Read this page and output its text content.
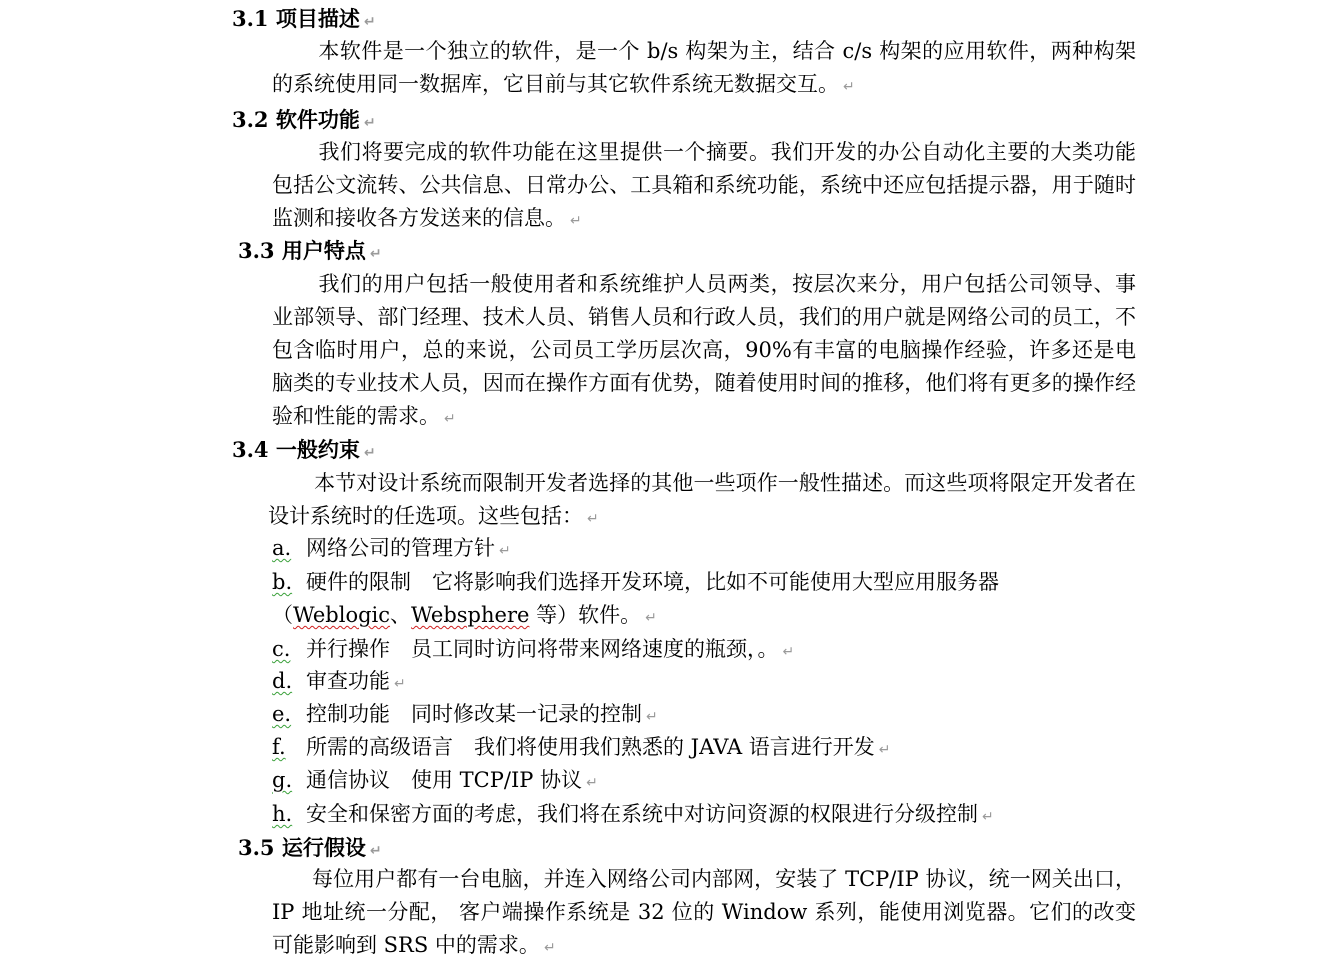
3.1 项目描述 ↵
本软件是一个独立的软件，是一个 b/s 构架为主，结合 c/s 构架的应用软件，两种构架的系统使用同一数据库，它目前与其它软件系统无数据交互。 ↵
3.2 软件功能 ↵
我们将要完成的软件功能在这里提供一个摘要。我们开发的办公自动化主要的大类功能包括公文流转、公共信息、日常办公、工具箱和系统功能，系统中还应包括提示器，用于随时监测和接收各方发送来的信息。 ↵
3.3 用户特点 ↵
我们的用户包括一般使用者和系统维护人员两类，按层次来分，用户包括公司领导、事业部领导、部门经理、技术人员、销售人员和行政人员，我们的用户就是网络公司的员工，不包含临时用户，总的来说，公司员工学历层次高，90%有丰富的电脑操作经验，许多还是电脑类的专业技术人员，因而在操作方面有优势，随着使用时间的推移，他们将有更多的操作经验和性能的需求。 ↵
3.4 一般约束 ↵
本节对设计系统而限制开发者选择的其他一些项作一般性描述。而这些项将限定开发者在设计系统时的任选项。这些包括： ↵
a. 网络公司的管理方针 ↵
b. 硬件的限制　它将影响我们选择开发环境，比如不可能使用大型应用服务器（Weblogic、Websphere 等）软件。 ↵
c. 并行操作　员工同时访问将带来网络速度的瓶颈，。 ↵
d. 审查功能 ↵
e. 控制功能　同时修改某一记录的控制 ↵
f. 所需的高级语言　我们将使用我们熟悉的 JAVA 语言进行开发 ↵
g. 通信协议　使用 TCP/IP 协议 ↵
h. 安全和保密方面的考虑，我们将在系统中对访问资源的权限进行分级控制 ↵
3.5 运行假设 ↵
每位用户都有一台电脑，并连入网络公司内部网，安装了 TCP/IP 协议，统一网关出口，IP 地址统一分配， 客户端操作系统是 32 位的 Window 系列，能使用浏览器。它们的改变可能影响到 SRS 中的需求。 ↵
